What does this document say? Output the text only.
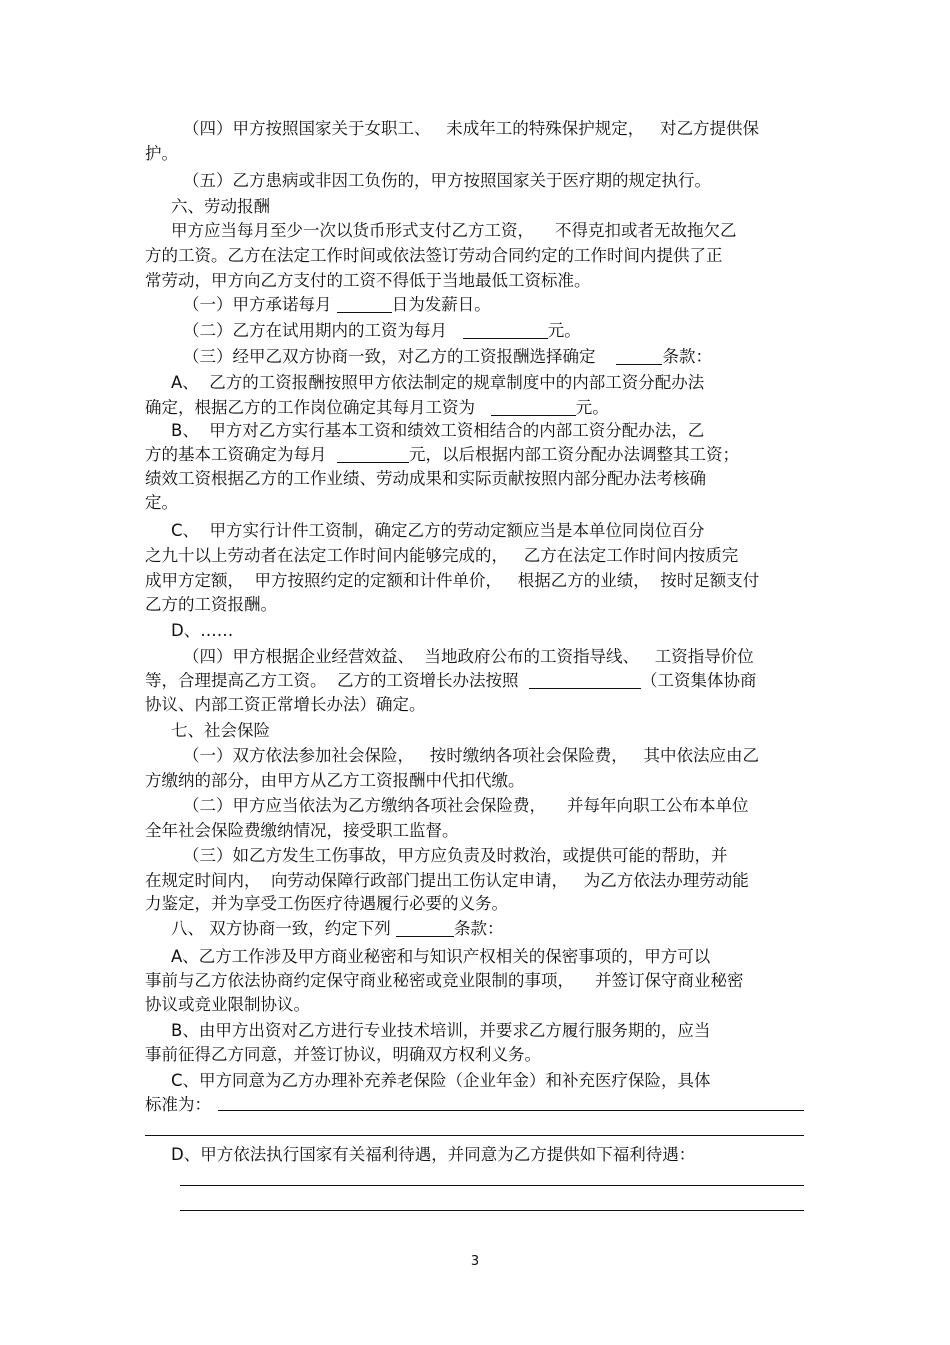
（四）甲方按照国家关于女职工、   未成年工的特殊保护规定，   对乙方提供保
护。
（五）乙方患病或非因工负伤的，甲方按照国家关于医疗期的规定执行。
六、劳动报酬
甲方应当每月至少一次以货币形式支付乙方工资，    不得克扣或者无故拖欠乙
方的工资。乙方在法定工作时间或依法签订劳动合同约定的工作时间内提供了正
常劳动，甲方向乙方支付的工资不得低于当地最低工资标准。
（一）甲方承诺每月	日为发薪日。
（二）乙方在试用期内的工资为每月	元。
（三）经甲乙双方协商一致，对乙方的工资报酬选择确定	条款：
A、  乙方的工资报酬按照甲方依法制定的规章制度中的内部工资分配办法
确定，根据乙方的工作岗位确定其每月工资为	元。
B、  甲方对乙方实行基本工资和绩效工资相结合的内部工资分配办法，乙
方的基本工资确定为每月	元，以后根据内部工资分配办法调整其工资；
绩效工资根据乙方的工作业绩、劳动成果和实际贡献按照内部分配办法考核确
定。
C、  甲方实行计件工资制，确定乙方的劳动定额应当是本单位同岗位百分
之九十以上劳动者在法定工作时间内能够完成的，   乙方在法定工作时间内按质完
成甲方定额，  甲方按照约定的定额和计件单价，   根据乙方的业绩，  按时足额支付
乙方的工资报酬。
D、……
（四）甲方根据企业经营效益、  当地政府公布的工资指导线、   工资指导价位
等，合理提高乙方工资。  乙方的工资增长办法按照	（工资集体协商
协议、内部工资正常增长办法）确定。
七、社会保险
（一）双方依法参加社会保险，   按时缴纳各项社会保险费，   其中依法应由乙
方缴纳的部分，由甲方从乙方工资报酬中代扣代缴。
（二）甲方应当依法为乙方缴纳各项社会保险费，    并每年向职工公布本单位
全年社会保险费缴纳情况，接受职工监督。
（三）如乙方发生工伤事故，甲方应负责及时救治，或提供可能的帮助，并
在规定时间内，  向劳动保障行政部门提出工伤认定申请，   为乙方依法办理劳动能
力鉴定，并为享受工伤医疗待遇履行必要的义务。
八、 双方协商一致，约定下列	条款：
A、乙方工作涉及甲方商业秘密和与知识产权相关的保密事项的，甲方可以
事前与乙方依法协商约定保守商业秘密或竞业限制的事项，    并签订保守商业秘密
协议或竞业限制协议。
B、由甲方出资对乙方进行专业技术培训，并要求乙方履行服务期的，应当
事前征得乙方同意，并签订协议，明确双方权利义务。
C、甲方同意为乙方办理补充养老保险（企业年金）和补充医疗保险，具体
标准为：
D、甲方依法执行国家有关福利待遇，并同意为乙方提供如下福利待遇：
3
